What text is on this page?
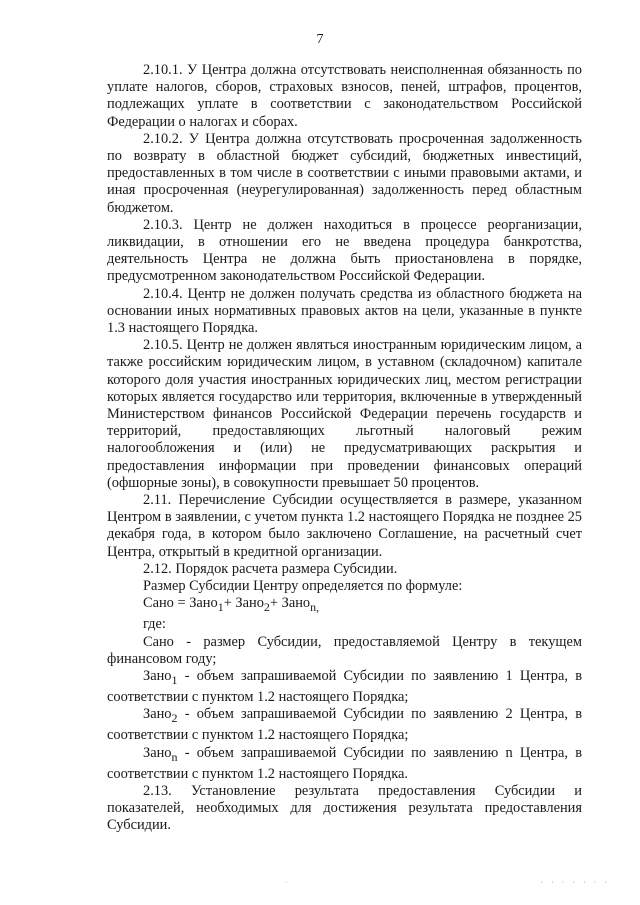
7

2.10.1. У Центра должна отсутствовать неисполненная обязанность по уплате налогов, сборов, страховых взносов, пеней, штрафов, процентов, подлежащих уплате в соответствии с законодательством Российской Федерации о налогах и сборах.

2.10.2. У Центра должна отсутствовать просроченная задолженность по возврату в областной бюджет субсидий, бюджетных инвестиций, предоставленных в том числе в соответствии с иными правовыми актами, и иная просроченная (неурегулированная) задолженность перед областным бюджетом.

2.10.3. Центр не должен находиться в процессе реорганизации, ликвидации, в отношении его не введена процедура банкротства, деятельность Центра не должна быть приостановлена в порядке, предусмотренном законодательством Российской Федерации.

2.10.4. Центр не должен получать средства из областного бюджета на основании иных нормативных правовых актов на цели, указанные в пункте 1.3 настоящего Порядка.

2.10.5. Центр не должен являться иностранным юридическим лицом, а также российским юридическим лицом, в уставном (складочном) капитале которого доля участия иностранных юридических лиц, местом регистрации которых является государство или территория, включенные в утвержденный Министерством финансов Российской Федерации перечень государств и территорий, предоставляющих льготный налоговый режим налогообложения и (или) не предусматривающих раскрытия и предоставления информации при проведении финансовых операций (офшорные зоны), в совокупности превышает 50 процентов.

2.11. Перечисление Субсидии осуществляется в размере, указанном Центром в заявлении, с учетом пункта 1.2 настоящего Порядка не позднее 25 декабря года, в котором было заключено Соглашение, на расчетный счет Центра, открытый в кредитной организации.

2.12. Порядок расчета размера Субсидии.

Размер Субсидии Центру определяется по формуле:

Сано = Зано$_1$+ Зано$_2$+ Зано$_{n,}$

где:

Сано - размер Субсидии, предоставляемой Центру в текущем финансовом году;

Зано$_1$ - объем запрашиваемой Субсидии по заявлению 1 Центра, в соответствии с пунктом 1.2 настоящего Порядка;

Зано$_2$ - объем запрашиваемой Субсидии по заявлению 2 Центра, в соответствии с пунктом 1.2 настоящего Порядка;

Зано$_n$ - объем запрашиваемой Субсидии по заявлению n Центра, в соответствии с пунктом 1.2 настоящего Порядка.

2.13. Установление результата предоставления Субсидии и показателей, необходимых для достижения результата предоставления Субсидии.

·	· · · · · · ·
